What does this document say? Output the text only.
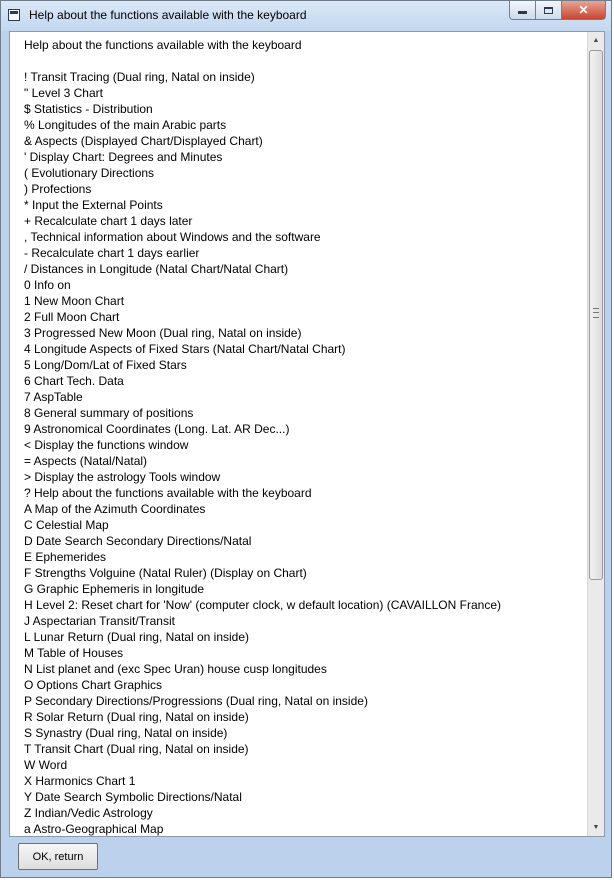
Help about the functions available with the keyboard	✕
Help about the functions available with the keyboard
! Transit Tracing (Dual ring, Natal on inside)
" Level 3 Chart
$ Statistics - Distribution
% Longitudes of the main Arabic parts
& Aspects (Displayed Chart/Displayed Chart)
' Display Chart: Degrees and Minutes
( Evolutionary Directions
) Profections
* Input the External Points
+ Recalculate chart 1 days later
, Technical information about Windows and the software
- Recalculate chart 1 days earlier
/ Distances in Longitude (Natal Chart/Natal Chart)
0 Info on
1 New Moon Chart
2 Full Moon Chart
3 Progressed New Moon (Dual ring, Natal on inside)
4 Longitude Aspects of Fixed Stars (Natal Chart/Natal Chart)
5 Long/Dom/Lat of Fixed Stars
6 Chart Tech. Data
7 AspTable
8 General summary of positions
9 Astronomical Coordinates (Long. Lat. AR Dec...)
< Display the functions window
= Aspects (Natal/Natal)
> Display the astrology Tools window
? Help about the functions available with the keyboard
A Map of the Azimuth Coordinates
C Celestial Map
D Date Search Secondary Directions/Natal
E Ephemerides
F Strengths Volguine (Natal Ruler) (Display on Chart)
G Graphic Ephemeris in longitude
H Level 2: Reset chart for 'Now' (computer clock, w default location) (CAVAILLON France)
J Aspectarian Transit/Transit
L Lunar Return (Dual ring, Natal on inside)
M Table of Houses
N List planet and (exc Spec Uran) house cusp longitudes
O Options Chart Graphics
P Secondary Directions/Progressions (Dual ring, Natal on inside)
R Solar Return (Dual ring, Natal on inside)
S Synastry (Dual ring, Natal on inside)
T Transit Chart (Dual ring, Natal on inside)
W Word
X Harmonics Chart 1
Y Date Search Symbolic Directions/Natal
Z Indian/Vedic Astrology
a Astro-Geographical Map
▲
▼
OK, return
